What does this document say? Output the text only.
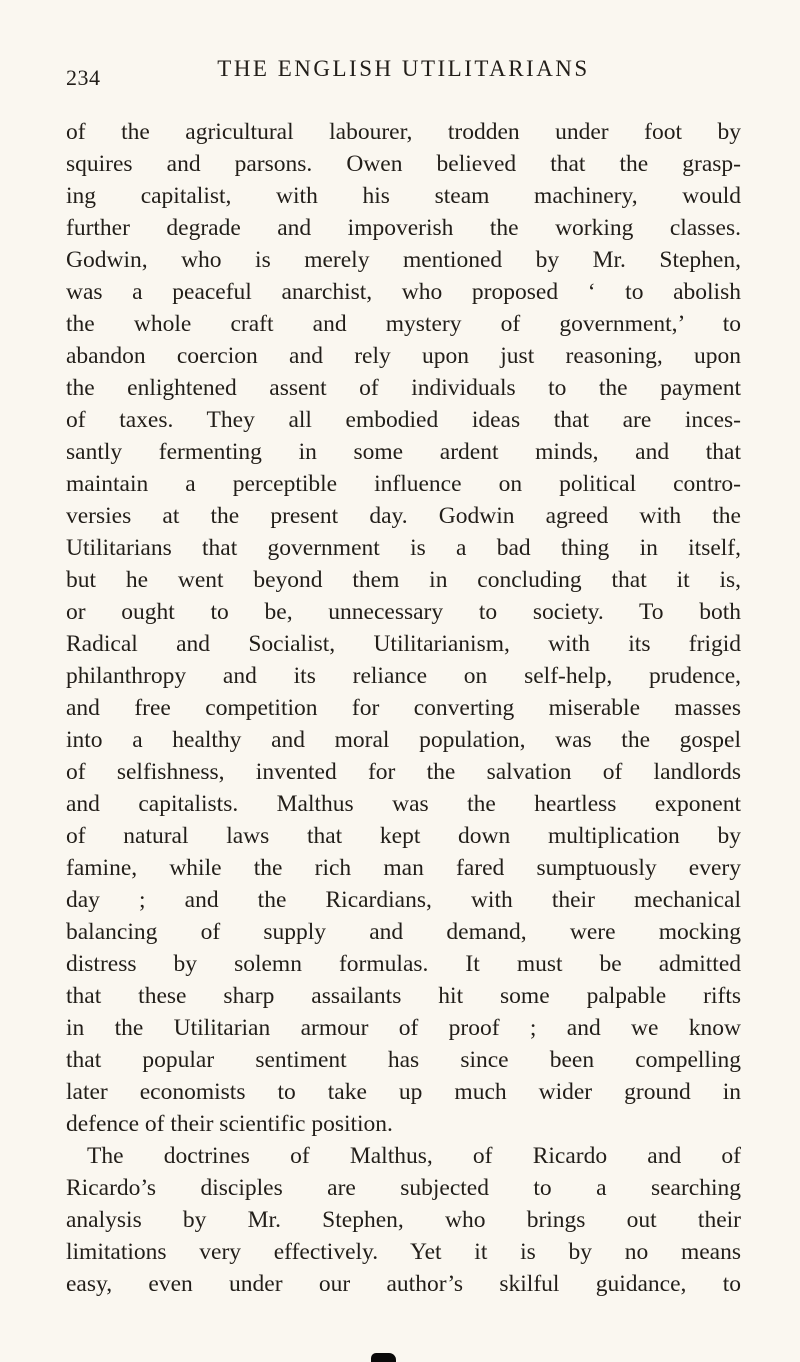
234	THE ENGLISH UTILITARIANS
of the agricultural labourer, trodden under foot by
squires and parsons. Owen believed that the grasp-
ing capitalist, with his steam machinery, would
further degrade and impoverish the working classes.
Godwin, who is merely mentioned by Mr. Stephen,
was a peaceful anarchist, who proposed ‘ to abolish
the whole craft and mystery of government,’ to
abandon coercion and rely upon just reasoning, upon
the enlightened assent of individuals to the payment
of taxes. They all embodied ideas that are inces-
santly fermenting in some ardent minds, and that
maintain a perceptible influence on political contro-
versies at the present day. Godwin agreed with the
Utilitarians that government is a bad thing in itself,
but he went beyond them in concluding that it is,
or ought to be, unnecessary to society. To both
Radical and Socialist, Utilitarianism, with its frigid
philanthropy and its reliance on self-help, prudence,
and free competition for converting miserable masses
into a healthy and moral population, was the gospel
of selfishness, invented for the salvation of landlords
and capitalists. Malthus was the heartless exponent
of natural laws that kept down multiplication by
famine, while the rich man fared sumptuously every
day ; and the Ricardians, with their mechanical
balancing of supply and demand, were mocking
distress by solemn formulas. It must be admitted
that these sharp assailants hit some palpable rifts
in the Utilitarian armour of proof ; and we know
that popular sentiment has since been compelling
later economists to take up much wider ground in
defence of their scientific position.
The doctrines of Malthus, of Ricardo and of
Ricardo’s disciples are subjected to a searching
analysis by Mr. Stephen, who brings out their
limitations very effectively. Yet it is by no means
easy, even under our author’s skilful guidance, to
